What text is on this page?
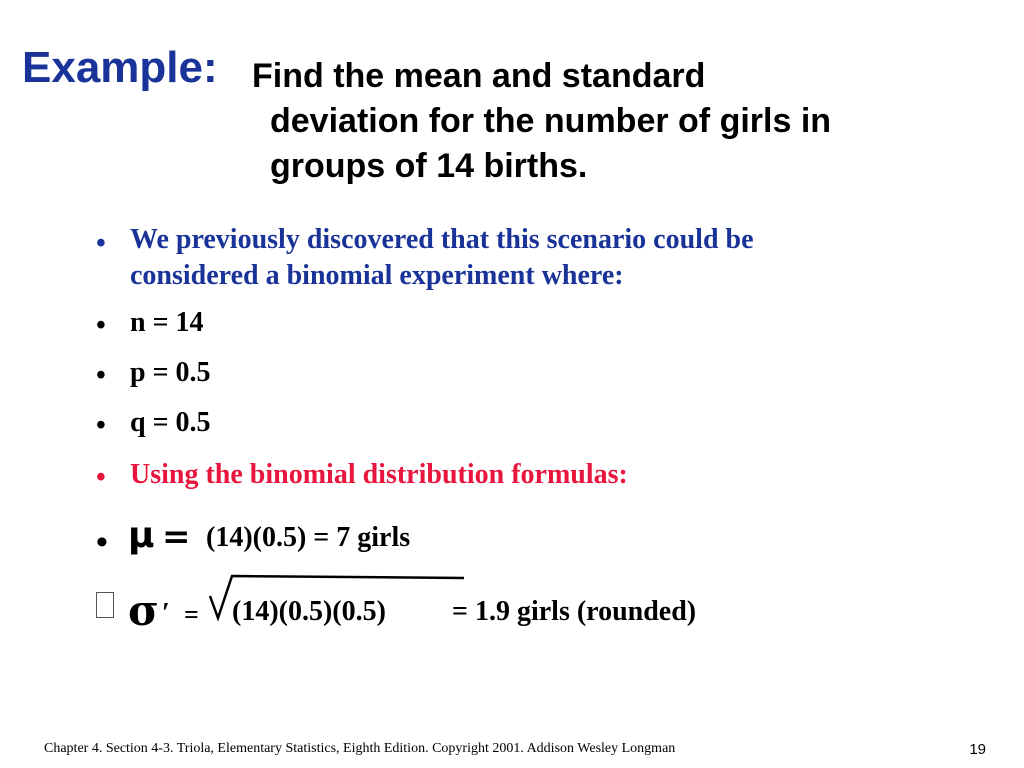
Example: Find the mean and standard
deviation for the number of girls in
groups of 14 births.
• We previously discovered that this scenario could be
considered a binomial experiment where:
• n = 14
• p = 0.5
• q = 0.5
• Using the binomial distribution formulas:
• μ = (14)(0.5) = 7 girls
σ ′ = (14)(0.5)(0.5) = 1.9 girls (rounded)
Chapter 4. Section 4-3. Triola, Elementary Statistics, Eighth Edition. Copyright 2001. Addison Wesley Longman	19
